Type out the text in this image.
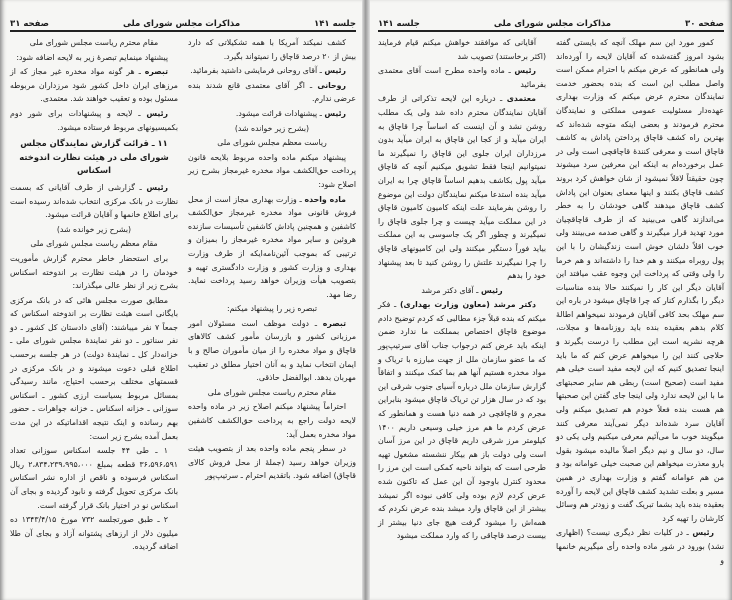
صفحه ۳۱	مذاکرات مجلس شورای ملی	جلسه ۱۴۱

کشف نمیکند آمریکا با همه تشکیلاتی که دارد بیش از ۲۰ درصد قاچاق را نمیتواند بگیرد.

رئیس ـ آقای روحانی فرمایشی داشتید بفرمائید.

روحانی ـ اگر آقای معتمدی قانع شدند بنده عرضی ندارم.

رئیس ـ پیشنهادات قرائت میشود.

(بشرح زیر خوانده شد)

ریاست معظم مجلس شورای ملی

پیشنهاد میکنم ماده واحده مربوط بلایحه قانون پرداخت حق‌الکشف مواد مخدره غیرمجاز بشرح زیر اصلاح شود:

ماده واحده ـ وزارت بهداری مجاز است از محل فروش قانونی مواد مخدره غیرمجاز حق‌الکشف کاشفین و همچنین پاداش کاشفین تأسیسات سازنده هروئین و سایر مواد مخدره غیرمجاز را بمیزان و ترتیبی که بموجب آئین‌نامه‌ایکه از طرف وزارت بهداری و وزارت کشور و وزارت دادگستری تهیه و بتصویب هیأت وزیران خواهد رسید پرداخت نماید. رضا مهد.

تبصره زیر را پیشنهاد میکنم:

تبصره ـ دولت موظف است مسئولان امور مرزبانی کشور و بازرسان مأمور کشف کالاهای قاچاق و مواد مخدره را از میان مأموران صالح و با ایمان انتخاب نماید و به آنان اختیار مطلق در تعقیب مهربان بدهد. ابوالفضل حاذقی.

مقام محترم ریاست مجلس شورای ملی

احتراماً پیشنهاد میکنم اصلاح زیر در ماده واحده لایحه دولت راجع به پرداخت حق‌الکشف کاشفین مواد مخدره بعمل آید:

در سطر پنجم ماده واحده بعد از بتصویب هیئت وزیران خواهد رسید (جملهٔ از محل فروش کالای قاچاق) اضافه شود. باتقدیم احترام ـ سرتیپ‌پور

مقام محترم ریاست مجلس شورای ملی

پیشنهاد مینمایم تبصرهٔ زیر به لایحه اضافه شود:

تبصره ـ هر گونه مواد مخدره غیر مجاز که از مرزهای ایران داخل کشور شود مرزداران مربوطه مسئول بوده و تعقیب خواهند شد. معتمدی.

رئیس ـ لایحه و پیشنهادات برای شور دوم بکمیسیونهای مربوط فرستاده میشود.

۱۱ ـ قرائت گزارش نمایندگان مجلس شورای ملی در هیئت نظارت اندوخته اسکناس

رئیس ـ گزارشی از طرف آقایانی که بسمت نظارت در بانک مرکزی انتخاب شده‌اند رسیده است برای اطلاع خانمها و آقایان قرائت میشود.

(بشرح زیر خوانده شد)

مقام معظم ریاست مجلس شورای ملی

برای استحضار خاطر محترم گزارش مأموریت خودمان را در هیئت نظارت بر اندوخته اسکناس بشرح زیر از نظر عالی میگذراند:

مطابق صورت مجلس هائی که در بانک مرکزی بایگانی است هیئت نظارت بر اندوخته اسکناس که جمعاً ۷ نفر میباشند: (آقای دادستان کل کشور ـ دو نفر سناتور ـ دو نفر نمایندهٔ مجلس شورای ملی ـ خزانه‌دار کل ـ نمایندهٔ دولت) در هر جلسه برحسب اطلاع قبلی دعوت میشوند و در بانک مرکزی در قسمتهای مختلف برحسب احتیاج، مانند رسیدگی بمسائل مربوط بسیاست ارزی کشور ـ اسکناس سوزانی ـ خزانه اسکناس ـ خزانه جواهرات ـ حضور بهم رسانده و اینک نتیجه اقداماتیکه در این مدت بعمل آمده بشرح زیر است:

۱ ـ طی ۴۴ جلسه اسکناس سوزانی تعداد ۳۶،۵۹۶،۵۹۱ قطعه بمبلغ ۲،۸۳۴،۲۳۹،۹۹۵،۰۰۰ ریال اسکناس فرسوده و ناقص از اداره نشر اسکناس بانک مرکزی تحویل گرفته و نابود گردیده و بجای آن اسکناس نو در اختیار بانک قرار گرفته است.

۲ ـ طبق صورتجلسه ۷۳۲ مورخ ۱۳۴۳/۴/۱۵ ده میلیون دلار از ارزهای پشتوانه آزاد و بجای آن طلا اضافه گردیده.

جلسه ۱۴۱	مذاکرات مجلس شورای ملی	صفحه ۳۰

کمور مورد این سم مهلک آنچه که بایستی گفته بشود امروز گفته‌شده که آقایان لایحه را آورده‌اند ولی همانطور که عرض میکنم با احترام ممکن است واصل مطلب این است که بنده بحضور خدمت نمایندگان محترم عرض میکنم که وزارت بهداری عهده‌دار مسئولیت عمومی مملکتی و نمایندگان محترم فرمودند و بعضی اینکه متوجه شده‌اند که بهترین راه کشف قاچاق پرداختن پاداش به کاشف قاچاق است و معرفی کنندهٔ قاچاقچی است ولی در عمل برخورده‌ام به اینکه این معرفین سرد میشوند چون حقیقتاً لاقلاً نمیشود از شان خواهش کرد بروند کشف قاچاق بکنند و اینها معمای بعنوان این پاداش کشف قاچاق میدهند گاهی خودشان را به خطر می‌اندازند گاهی می‌بینید که از طرف قاچاقچیان مورد تهدید قرار میگیرند و گاهی صدمه می‌بینند ولی خوب اقلاً دلشان خوش است زندگیشان را با این پول روبراه میکنند و هم خدا را داشته‌اند و هم خرما را ولی وقتی که پرداخت این وجوه عقب میافتد این آقایان دیگر این کار را نمیکنند حالا بنده مناسبات دیگر را بگذارم کنار که چرا قاچاق میشود در باره این سم مهلک بحد کافی آقایان فرمودند نمیخواهم اطالهٔ کلام بدهم بعقیده بنده باید روزنامه‌ها و مجلات، هرچه نشریه است این مطلب را درست بگیرند و حلاجی کنند این را میخواهم عرض کنم که ما باید اینجا تصدیق کنیم که این لایحه مفید است خیلی هم مفید است (صحیح است) ربطی هم سایر صحبتهای ما با این لایحه ندارد ولی اینجا جای گفتن این صحبتها هم هست بنده فعلاً خودم هم تصدیق میکنم ولی آقایان سرد شده‌اند دیگر نمی‌آیند معرفی کنند میگویند خوب ما می‌آئیم معرفی میکنیم ولی یکی دو سال، دو سال و نیم دیگر اصلاً مالیده میشود بقول یارو معذرت میخواهم این صحبت خیلی عوامانه بود و من هم عوامانه گفتم و وزارت بهداری در همین مسیر و بعلت تشدید کشف قاچاق این لایحه را آورده بعقیده بنده باید بشما تبریک گفت و زودتر هم وسائل کارشان را تهیه کرد

رئیس ـ در کلیات نظر دیگری نیست؟ (اظهاری نشد) بورود در شور ماده واحده رأی میگیریم خانمها و

آقایانی که موافقند خواهش میکنم قیام فرمایند (اکثر برخاستند) تصویب شد

رئیس ـ ماده واحده مطرح است آقای معتمدی بفرمائید

معتمدی ـ درباره این لایحه تذکراتی از طرف آقایان نمایندگان محترم داده شد ولی یک مطلب روشن نشد و آن اینست که اساساً چرا قاچاق به ایران میآید و از کجا این قاچاق به ایران میآید بدون مرزداران ایران جلوی این قاچاق را نمیگیرند ما نمیتوانیم اینجا فقط تشویق میکنیم آنچه که قاچاق میآید پول بکاشف بدهیم اساساً قاچاق چرا به ایران میآید بنده استدعا میکنم نمایندگان دولت این موضوع را روشن بفرمایند علت اینکه کامیون کامیون قاچاق در این مملکت میآید چیست و چرا جلوی قاچاق را نمیگیرند و چطور اگر یک جاسوسی به این مملکت بیاید فوراً دستگیر میکنند ولی این کامیونهای قاچاق را چرا نمیگیرند علتش را روشن کنید تا بعد پیشنهاد خود را بدهم

رئیس ـ آقای دکتر مرشد

دکتر مرشد (معاون وزارت بهداری) ـ فکر میکنم که بنده قبلاً جزء مطالبی که کردم توضیح دادم موضوع قاچاق اختصاص بمملکت ما ندارد ضمن اینکه باید عرض کنم درجواب جناب آقای سرتیپ‌پور که ما عضو سازمان ملل از جهت مبارزه با تریاک و مواد مخدره هستیم آنها هم بما کمک میکنند و اتفاقاً گزارش سازمان ملل درباره آسیای جنوب شرقی این بود که در سال هزار تن تریاک قاچاق میشود بنابراین مجرم و قاچاقچی در همه دنیا هست و همانطور که عرض کردم ما هم مرز خیلی وسیعی داریم ۱۴۰۰ کیلومتر مرز شرقی داریم قاچاق در این مرز آسان است ولی دولت باز هم بیکار ننشسته مشغول تهیه طرحی است که بتواند ناحیه کمکی است این مرز را محدود کنترل باوجود آن این عمل که تاکنون شده عرض کردم لازم بوده ولی کافی نبوده اگر نمیشد بیشتر از این قاچاق وارد میشد بنده عرض نکردم که همه‌اش را میشود گرفت هیچ جای دنیا بیشتر از بیست درصد قاچاقی را که وارد مملکت میشود
